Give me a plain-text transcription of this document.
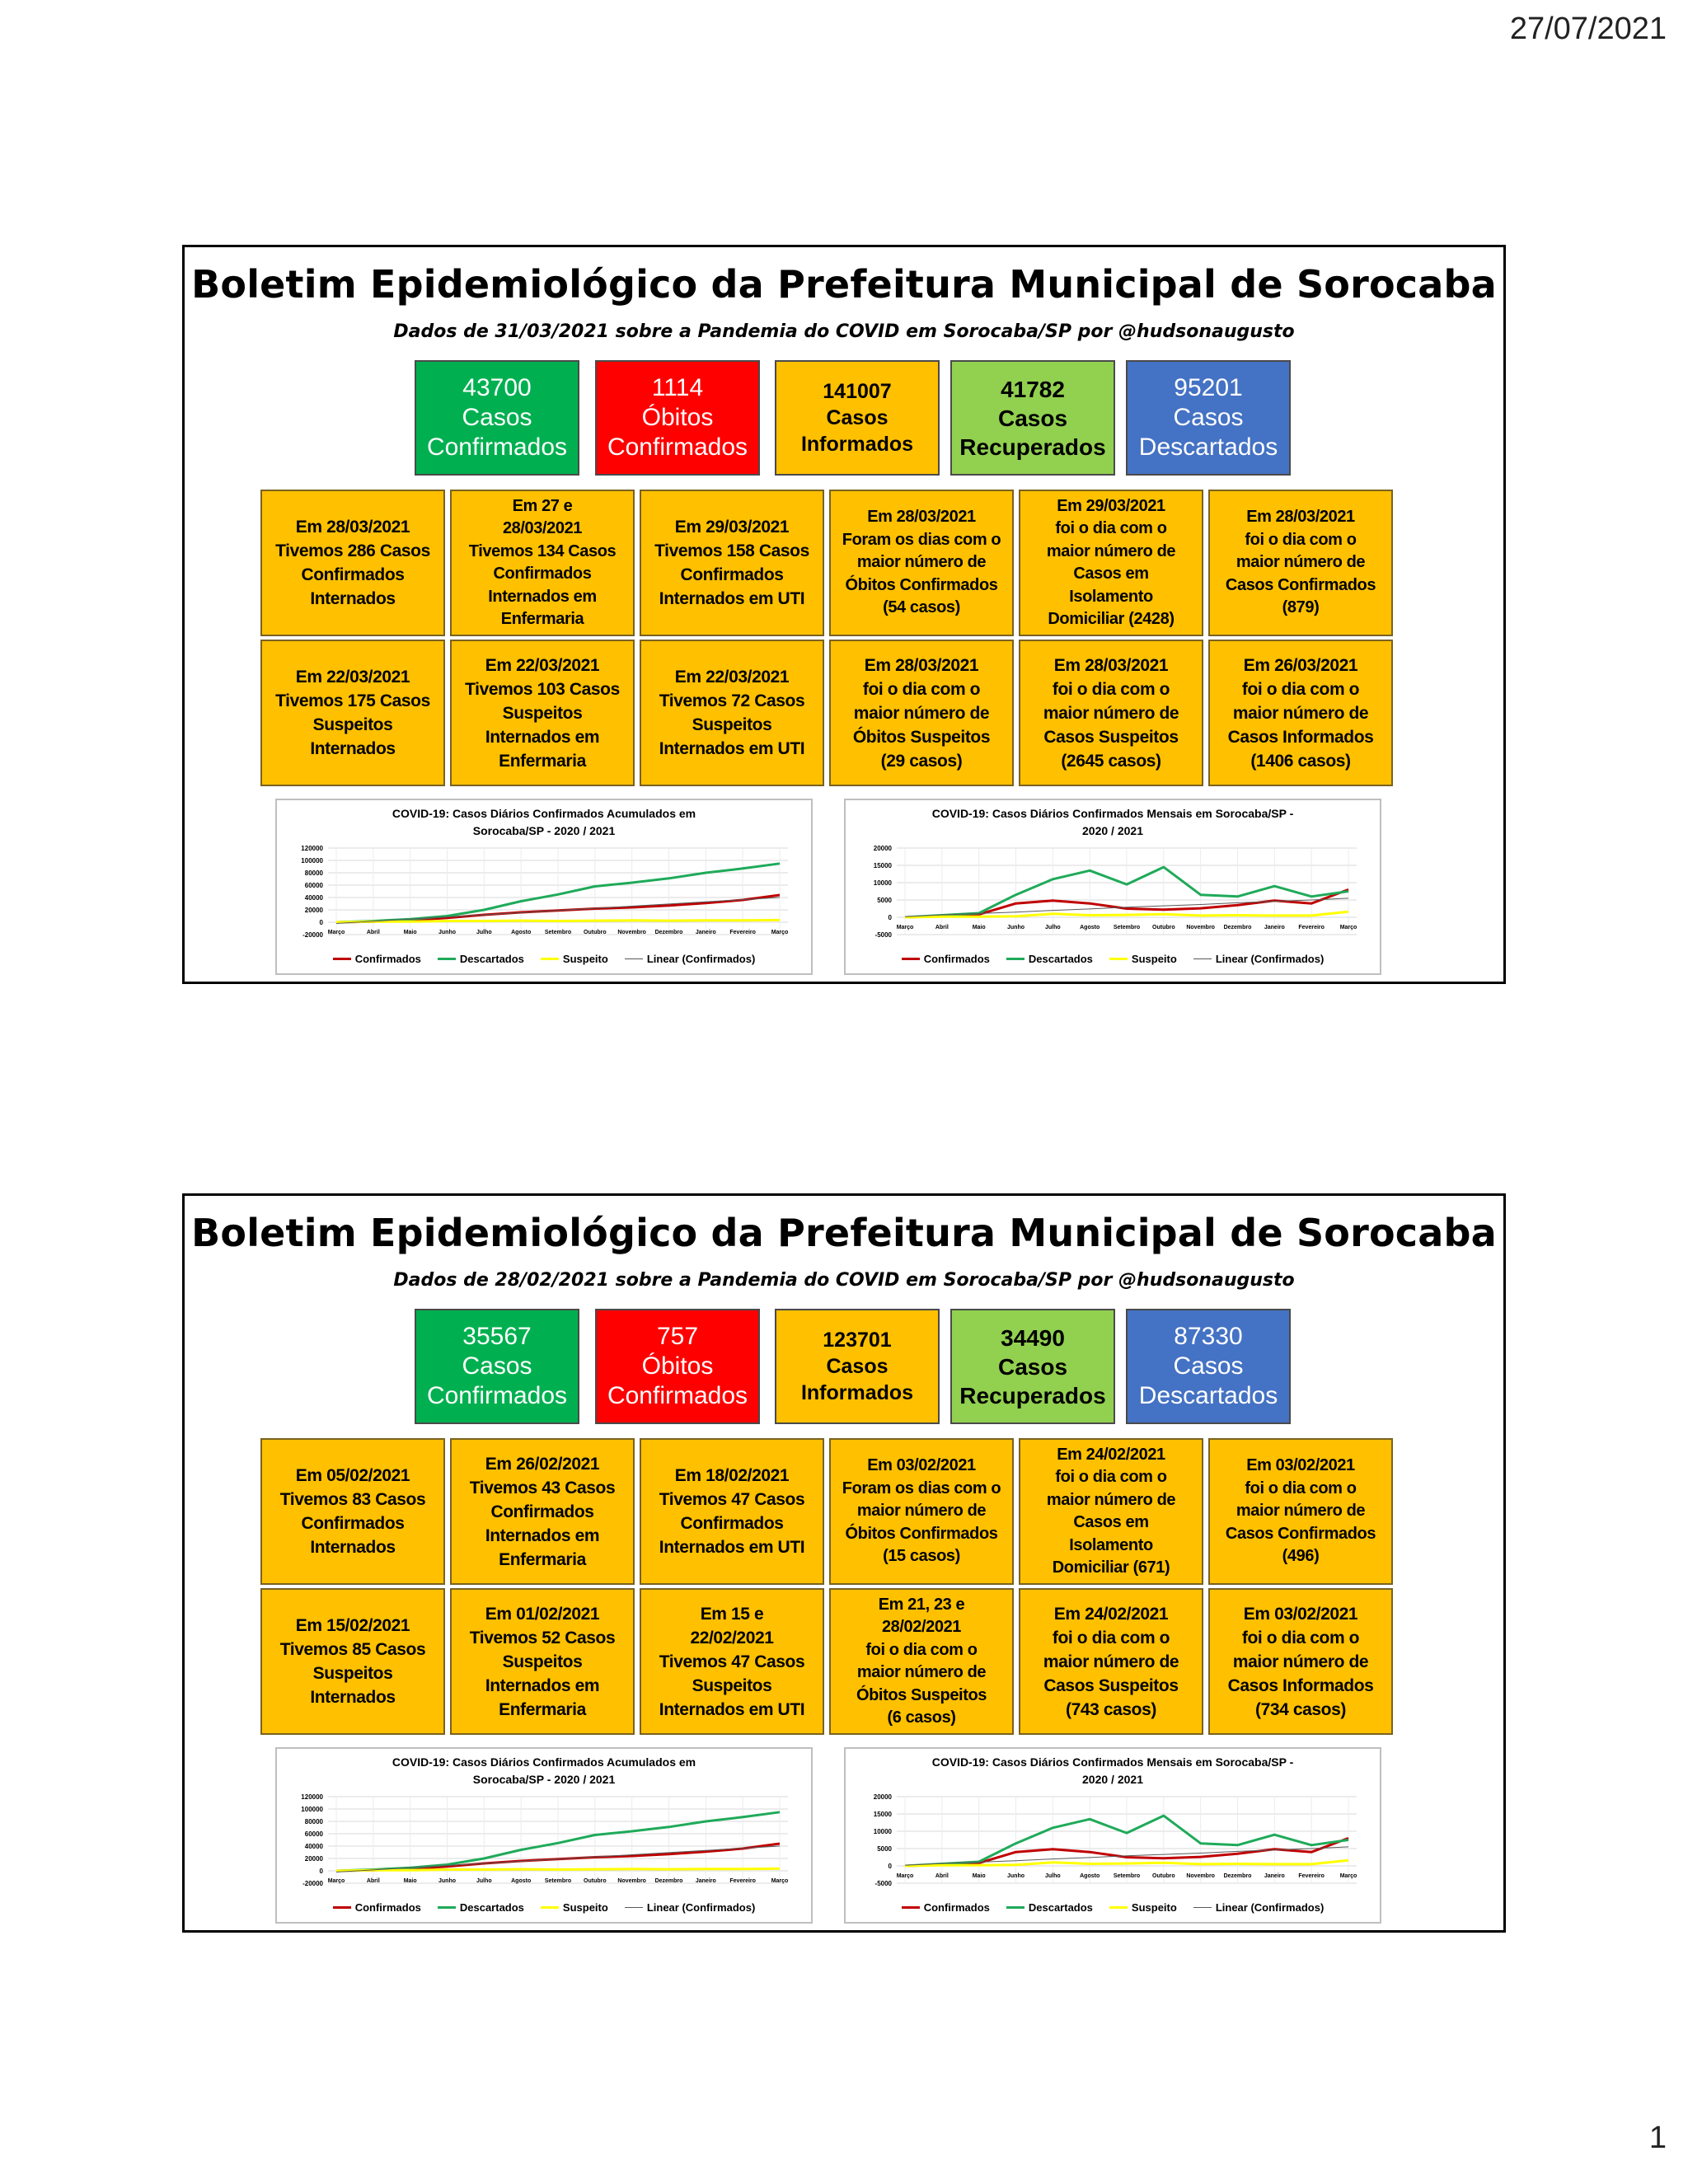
27/07/2021
Boletim Epidemiológico da Prefeitura Municipal de Sorocaba
Dados de 31/03/2021 sobre a Pandemia do COVID em Sorocaba/SP por @hudsonaugusto
43700
Casos
Confirmados
1114
Óbitos
Confirmados
141007
Casos
Informados
41782
Casos
Recuperados
95201
Casos
Descartados
Em 28/03/2021
Tivemos 286 Casos
Confirmados
Internados
Em 27 e
28/03/2021
Tivemos 134 Casos
Confirmados
Internados em
Enfermaria
Em 29/03/2021
Tivemos 158 Casos
Confirmados
Internados em UTI
Em 28/03/2021
Foram os dias com o
maior número de
Óbitos Confirmados
(54 casos)
Em 29/03/2021
foi o dia com o
maior número de
Casos em
Isolamento
Domiciliar (2428)
Em 28/03/2021
foi o dia com o
maior número de
Casos Confirmados
(879)
Em 22/03/2021
Tivemos 175 Casos
Suspeitos
Internados
Em 22/03/2021
Tivemos 103 Casos
Suspeitos
Internados em
Enfermaria
Em 22/03/2021
Tivemos 72 Casos
Suspeitos
Internados em UTI
Em 28/03/2021
foi o dia com o
maior número de
Óbitos Suspeitos
(29 casos)
Em 28/03/2021
foi o dia com o
maior número de
Casos Suspeitos
(2645 casos)
Em 26/03/2021
foi o dia com o
maior número de
Casos Informados
(1406 casos)
COVID-19: Casos Diários Confirmados Acumulados em
Sorocaba/SP - 2020 / 2021
120000
100000
80000
60000
40000
20000
0
-20000 Março	Abril	Maio	Junho	Julho	Agosto Setembro Outubro Novembro Dezembro Janeiro Fevereiro	Março
Confirmados	Descartados	Suspeito	Linear (Confirmados)
COVID-19: Casos Diários Confirmados Mensais em Sorocaba/SP -
2020 / 2021
20000
15000
10000
5000
0
-5000
Março	Abril	Maio	Junho	Julho	Agosto Setembro Outubro Novembro Dezembro Janeiro Fevereiro	Março
Confirmados	Descartados	Suspeito	Linear (Confirmados)
Boletim Epidemiológico da Prefeitura Municipal de Sorocaba
Dados de 28/02/2021 sobre a Pandemia do COVID em Sorocaba/SP por @hudsonaugusto
35567
Casos
Confirmados
757
Óbitos
Confirmados
123701
Casos
Informados
34490
Casos
Recuperados
87330
Casos
Descartados
Em 05/02/2021
Tivemos 83 Casos
Confirmados
Internados
Em 26/02/2021
Tivemos 43 Casos
Confirmados
Internados em
Enfermaria
Em 18/02/2021
Tivemos 47 Casos
Confirmados
Internados em UTI
Em 03/02/2021
Foram os dias com o
maior número de
Óbitos Confirmados
(15 casos)
Em 24/02/2021
foi o dia com o
maior número de
Casos em
Isolamento
Domiciliar (671)
Em 03/02/2021
foi o dia com o
maior número de
Casos Confirmados
(496)
Em 15/02/2021
Tivemos 85 Casos
Suspeitos
Internados
Em 01/02/2021
Tivemos 52 Casos
Suspeitos
Internados em
Enfermaria
Em 15 e
22/02/2021
Tivemos 47 Casos
Suspeitos
Internados em UTI
Em 21, 23 e
28/02/2021
foi o dia com o
maior número de
Óbitos Suspeitos
(6 casos)
Em 24/02/2021
foi o dia com o
maior número de
Casos Suspeitos
(743 casos)
Em 03/02/2021
foi o dia com o
maior número de
Casos Informados
(734 casos)
COVID-19: Casos Diários Confirmados Acumulados em
Sorocaba/SP - 2020 / 2021
120000
100000
80000
60000
40000
20000
0
-20000 Março	Abril	Maio	Junho	Julho	Agosto Setembro Outubro Novembro Dezembro Janeiro Fevereiro	Março
Confirmados	Descartados	Suspeito	Linear (Confirmados)
COVID-19: Casos Diários Confirmados Mensais em Sorocaba/SP -
2020 / 2021
20000
15000
10000
5000
0
-5000
Março	Abril	Maio	Junho	Julho	Agosto Setembro Outubro Novembro Dezembro Janeiro Fevereiro	Março
Confirmados	Descartados	Suspeito	Linear (Confirmados)
1
